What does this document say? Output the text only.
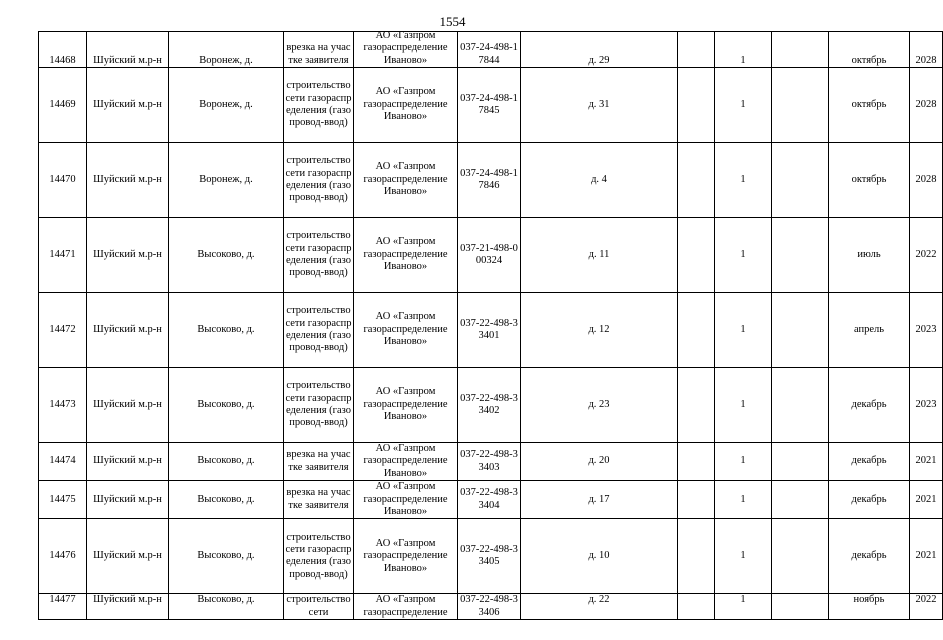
1554
14468	Шуйский м.р-н	Воронеж, д.	врезка на участке заявителя	АО «Газпром газораспределение Иваново»	037-24-498-17844	д. 29		1		октябрь	2028

14469	Шуйский м.р-н	Воронеж, д.	строительство сети газораспределения (газопровод-ввод)	АО «Газпром газораспределение Иваново»	037-24-498-17845	д. 31		1		октябрь	2028

14470	Шуйский м.р-н	Воронеж, д.	строительство сети газораспределения (газопровод-ввод)	АО «Газпром газораспределение Иваново»	037-24-498-17846	д. 4		1		октябрь	2028

14471	Шуйский м.р-н	Высоково, д.	строительство сети газораспределения (газопровод-ввод)	АО «Газпром газораспределение Иваново»	037-21-498-000324	д. 11		1		июль	2022

14472	Шуйский м.р-н	Высоково, д.	строительство сети газораспределения (газопровод-ввод)	АО «Газпром газораспределение Иваново»	037-22-498-33401	д. 12		1		апрель	2023

14473	Шуйский м.р-н	Высоково, д.	строительство сети газораспределения (газопровод-ввод)	АО «Газпром газораспределение Иваново»	037-22-498-33402	д. 23		1		декабрь	2023

14474	Шуйский м.р-н	Высоково, д.	врезка на участке заявителя	АО «Газпром газораспределение Иваново»	037-22-498-33403	д. 20		1		декабрь	2021

14475	Шуйский м.р-н	Высоково, д.	врезка на участке заявителя	АО «Газпром газораспределение Иваново»	037-22-498-33404	д. 17		1		декабрь	2021

14476	Шуйский м.р-н	Высоково, д.	строительство сети газораспределения (газопровод-ввод)	АО «Газпром газораспределение Иваново»	037-22-498-33405	д. 10		1		декабрь	2021

14477	Шуйский м.р-н	Высоково, д.	строительство сети	АО «Газпром газораспределение	037-22-498-33406	д. 22		1		ноябрь	2022
